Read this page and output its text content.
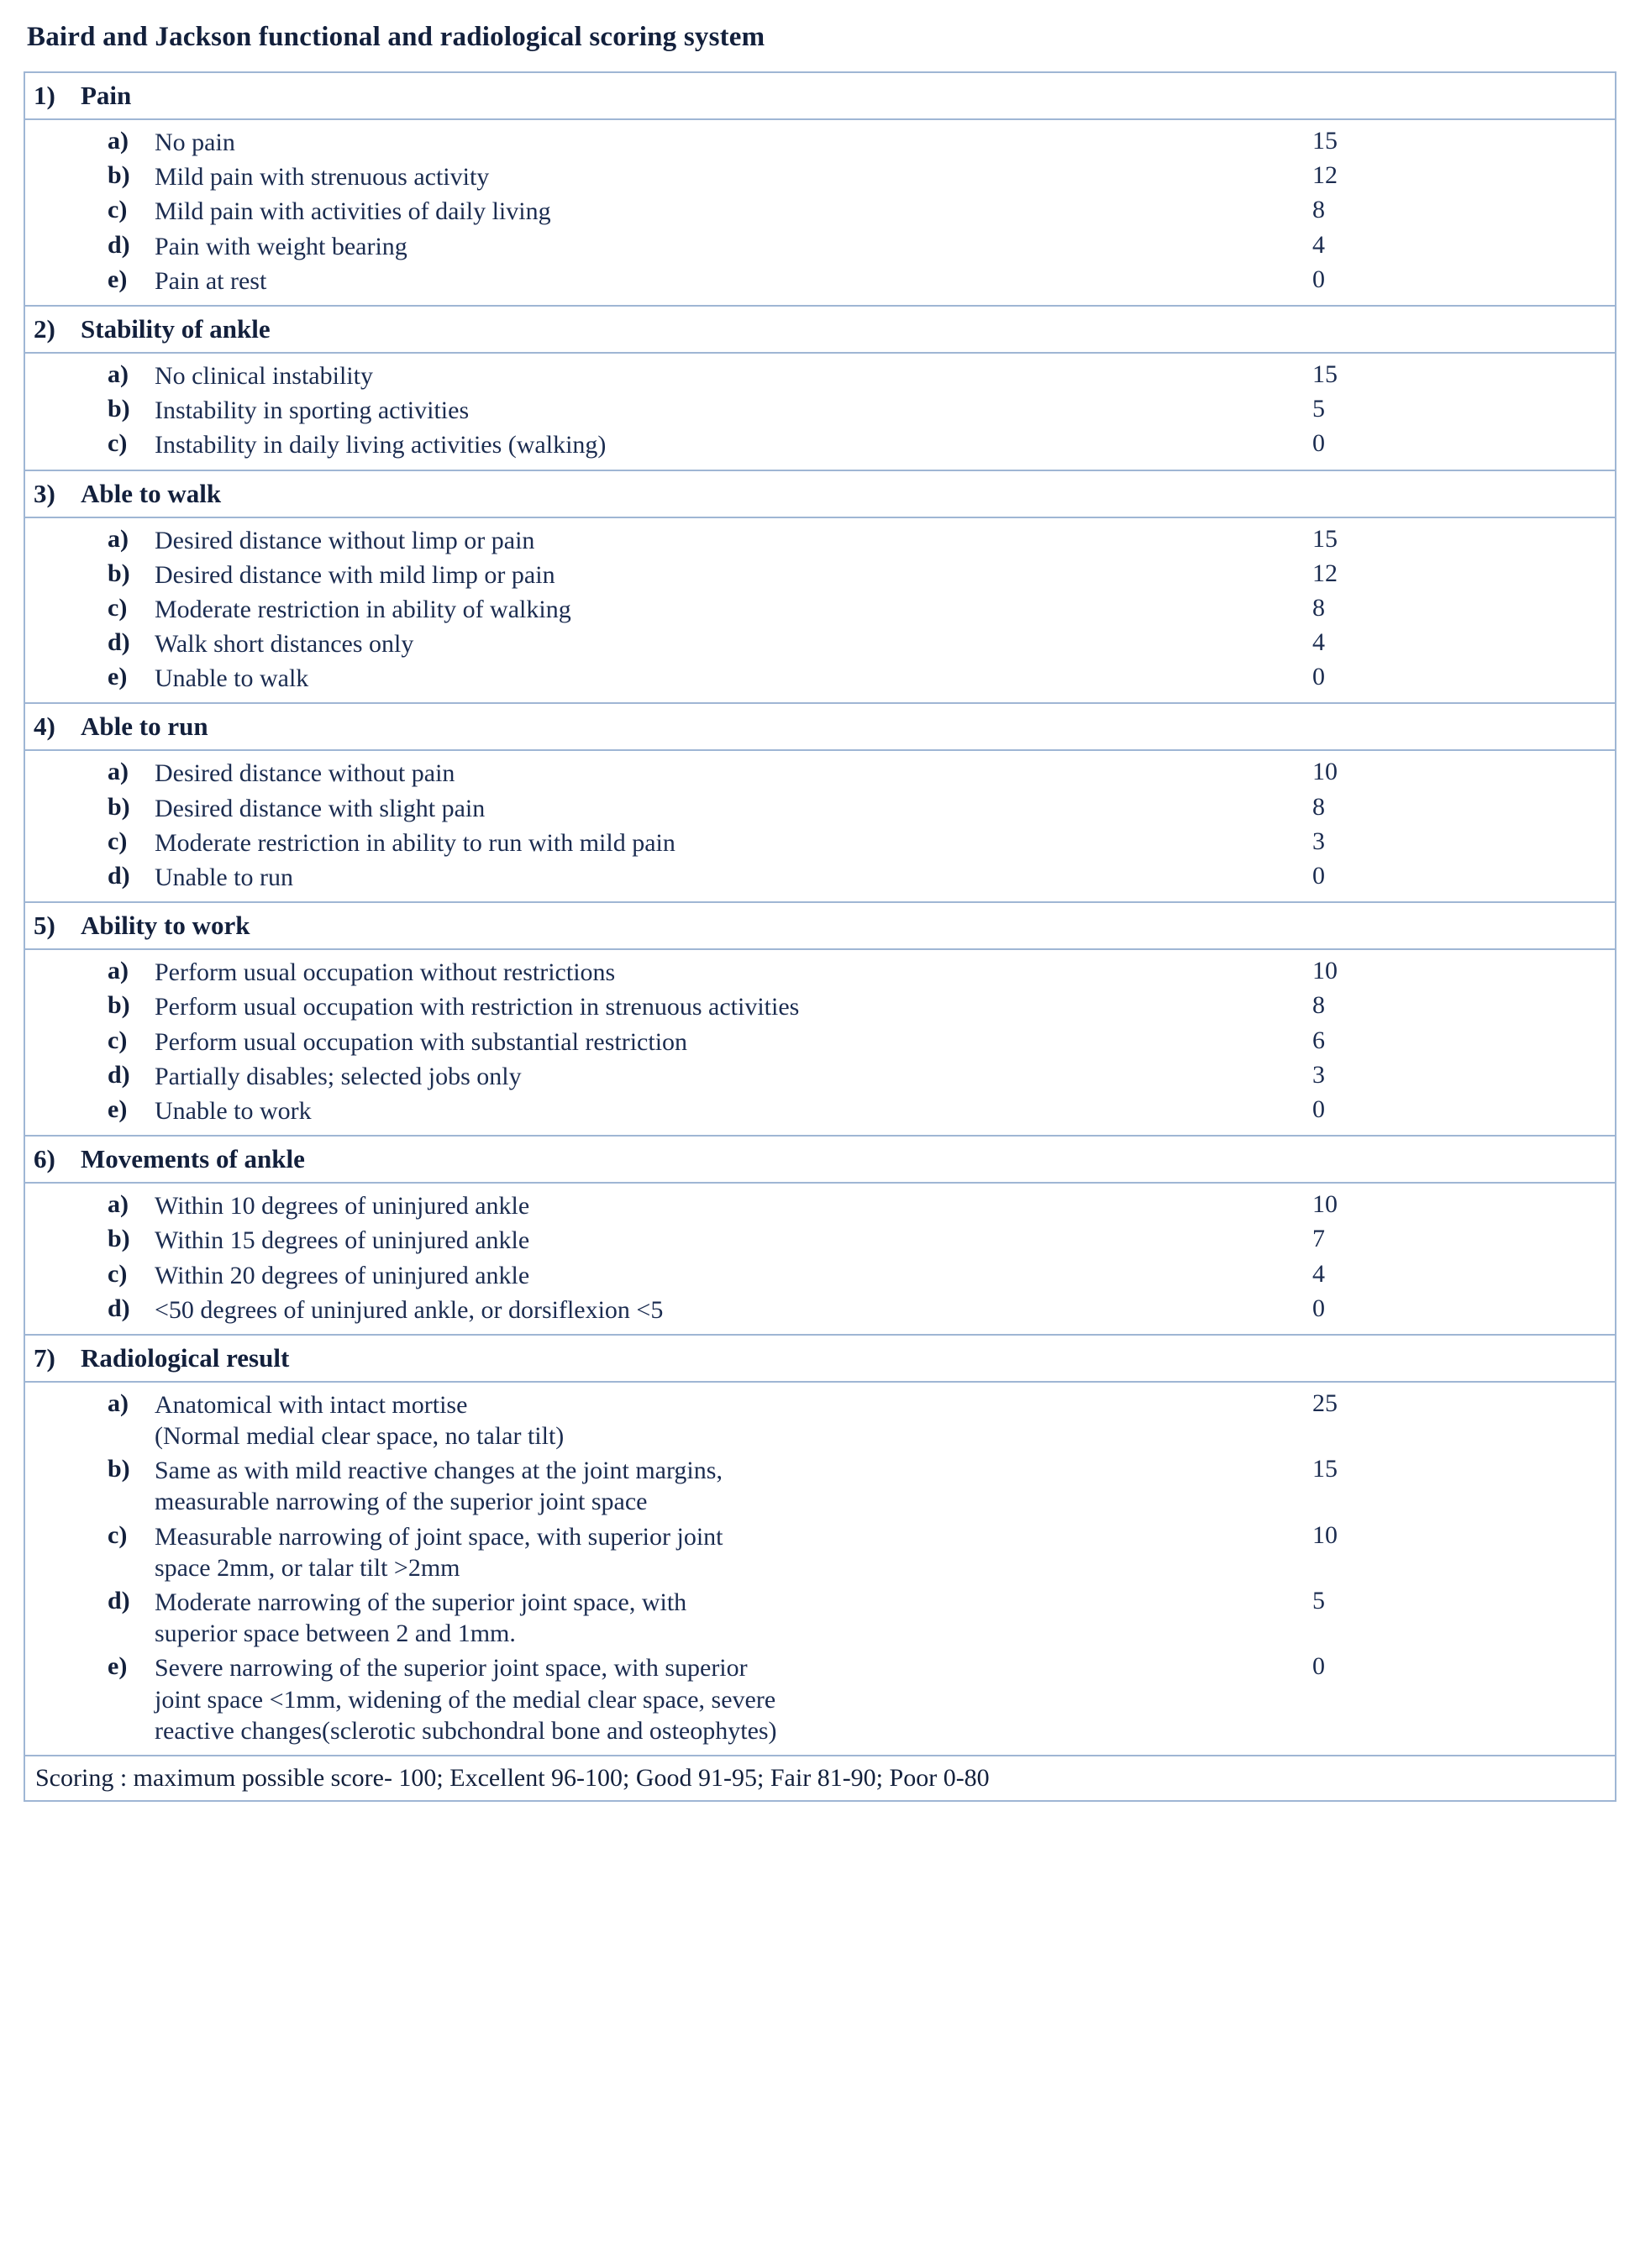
Baird and Jackson functional and radiological scoring system
1) Pain

	a)	No pain	15
	b)	Mild pain with strenuous activity	12
	c)	Mild pain with activities of daily living	8
	d)	Pain with weight bearing	4
	e)	Pain at rest	0

2) Stability of ankle

	a)	No clinical instability	15
	b)	Instability in sporting activities	5
	c)	Instability in daily living activities (walking)	0

3) Able to walk

	a)	Desired distance without limp or pain	15
	b)	Desired distance with mild limp or pain	12
	c)	Moderate restriction in ability of walking	8
	d)	Walk short distances only	4
	e)	Unable to walk	0

4) Able to run

	a)	Desired distance without pain	10
	b)	Desired distance with slight pain	8
	c)	Moderate restriction in ability to run with mild pain	3
	d)	Unable to run	0

5) Ability to work

	a)	Perform usual occupation without restrictions	10
	b)	Perform usual occupation with restriction in strenuous activities	8
	c)	Perform usual occupation with substantial restriction	6
	d)	Partially disables; selected jobs only	3
	e)	Unable to work	0

6) Movements of ankle

	a)	Within 10 degrees of uninjured ankle	10
	b)	Within 15 degrees of uninjured ankle	7
	c)	Within 20 degrees of uninjured ankle	4
	d)	<50 degrees of uninjured ankle, or dorsiflexion <5	0

7) Radiological result

	a)	Anatomical with intact mortise
(Normal medial clear space, no talar tilt)
	25
	b)	Same as with mild reactive changes at the joint margins,
measurable narrowing of the superior joint space
	15
	c)	Measurable narrowing of joint space, with superior joint
space 2mm, or talar tilt >2mm
	10
	d)	Moderate narrowing of the superior joint space, with
superior space between 2 and 1mm.
	5
	e)	Severe narrowing of the superior joint space, with superior
joint space <1mm, widening of the medial clear space, severe
reactive changes(sclerotic subchondral bone and osteophytes)
	0

Scoring : maximum possible score- 100; Excellent 96-100; Good 91-95; Fair 81-90; Poor 0-80
